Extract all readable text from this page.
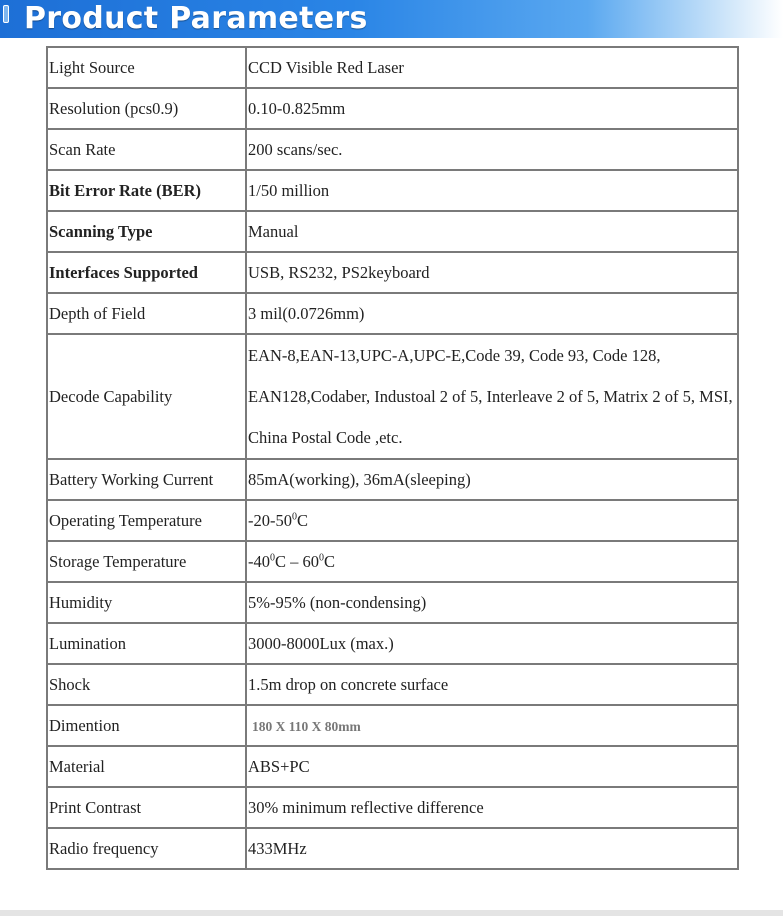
Product Parameters
Light Source	CCD Visible Red Laser
Resolution (pcs0.9)	0.10-0.825mm
Scan Rate	200 scans/sec.
Bit Error Rate (BER)	1/50 million
Scanning Type	Manual
Interfaces Supported	USB, RS232, PS2keyboard
Depth of Field	3 mil(0.0726mm)
Decode Capability	EAN-8,EAN-13,UPC-A,UPC-E,Code 39, Code 93, Code 128, EAN128,Codaber, Industoal 2 of 5, Interleave 2 of 5, Matrix 2 of 5, MSI, China Postal Code ,etc.
Battery Working Current	85mA(working), 36mA(sleeping)
Operating Temperature	$-20-50^0C$
Storage Temperature	$-40^0C - 60^0C$
Humidity	5%-95% (non-condensing)
Lumination	3000-8000Lux (max.)
Shock	1.5m drop on concrete surface
Dimention	180 X 110 X 80mm
Material	ABS+PC
Print Contrast	30% minimum reflective difference
Radio frequency	433MHz
